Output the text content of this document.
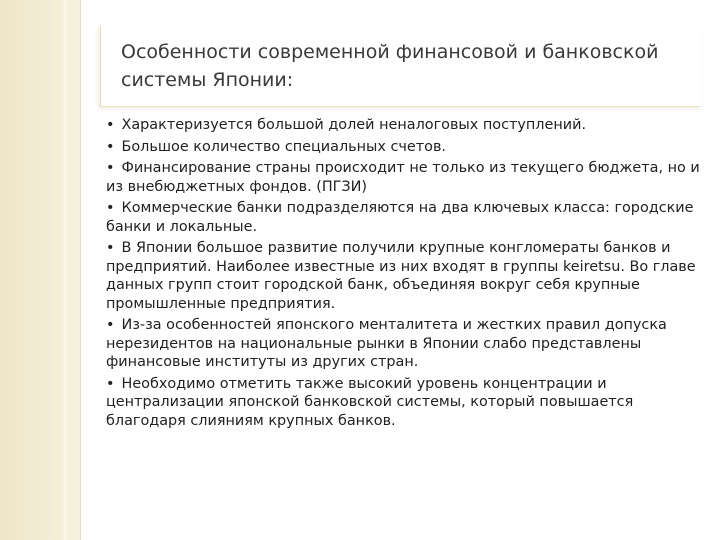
Особенности современной финансовой и банковской системы Японии:
• Характеризуется большой долей неналоговых поступлений.
• Большое количество специальных счетов.
• Финансирование страны происходит не только из текущего бюджета, но и из внебюджетных фондов. (ПГЗИ)
• Коммерческие банки подразделяются на два ключевых класса: городские банки и локальные.
• В Японии большое развитие получили крупные конгломераты банков и предприятий. Наиболее известные из них входят в группы keiretsu. Во главе данных групп стоит городской банк, объединяя вокруг себя крупные промышленные предприятия.
• Из-за особенностей японского менталитета и жестких правил допуска нерезидентов на национальные рынки в Японии слабо представлены финансовые институты из других стран.
• Необходимо отметить также высокий уровень концентрации и централизации японской банковской системы, который повышается благодаря слияниям крупных банков.
